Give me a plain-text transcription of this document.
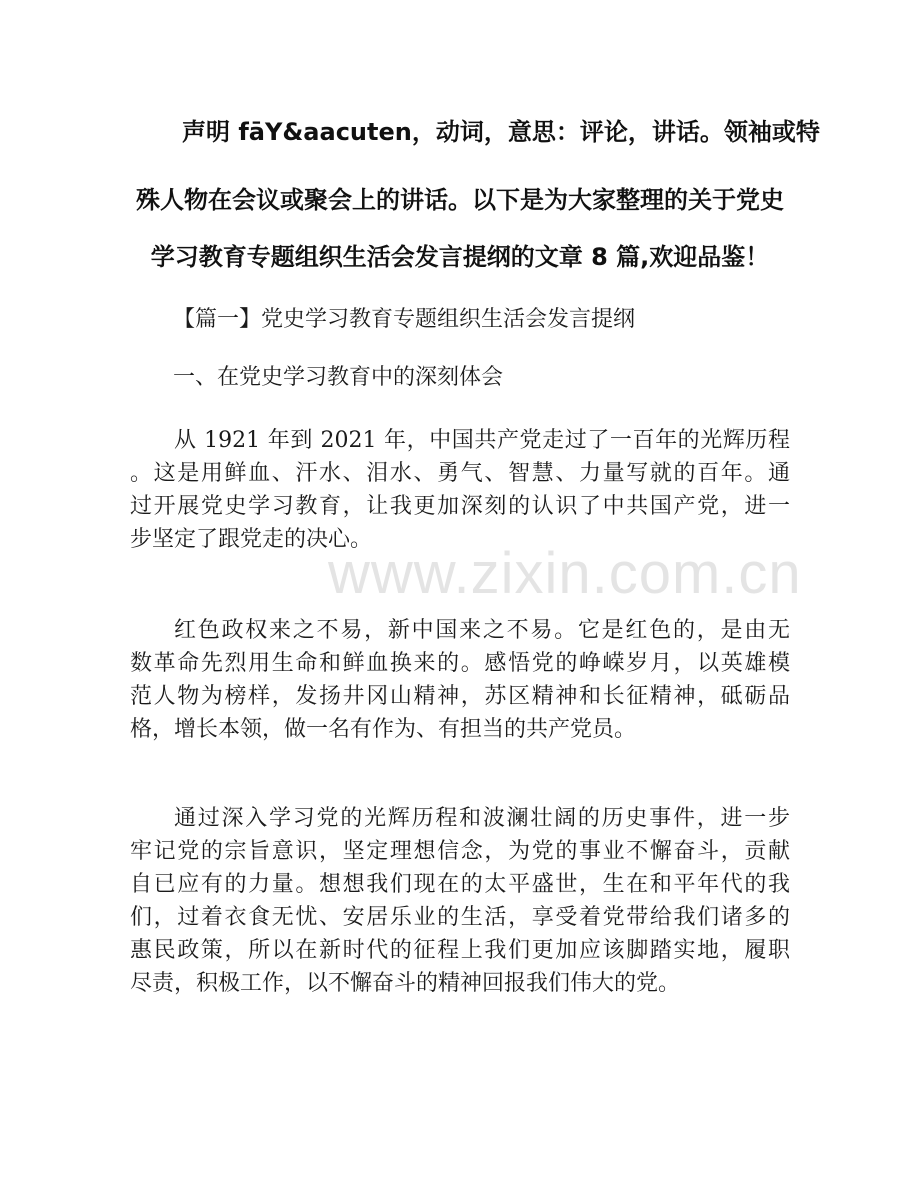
声明 fāY&aacuten，动词，意思：评论，讲话。领袖或特
殊人物在会议或聚会上的讲话。以下是为大家整理的关于党史
学习教育专题组织生活会发言提纲的文章 8 篇,欢迎品鉴！
【篇一】党史学习教育专题组织生活会发言提纲
一、在党史学习教育中的深刻体会
从 1921 年到 2021 年，中国共产党走过了一百年的光辉历程
。这是用鲜血、汗水、泪水、勇气、智慧、力量写就的百年。通
过开展党史学习教育，让我更加深刻的认识了中共国产党，进一
步坚定了跟党走的决心。
红色政权来之不易，新中国来之不易。它是红色的，是由无
数革命先烈用生命和鲜血换来的。感悟党的峥嵘岁月，以英雄模
范人物为榜样，发扬井冈山精神，苏区精神和长征精神，砥砺品
格，增长本领，做一名有作为、有担当的共产党员。
通过深入学习党的光辉历程和波澜壮阔的历史事件，进一步
牢记党的宗旨意识，坚定理想信念，为党的事业不懈奋斗，贡献
自已应有的力量。想想我们现在的太平盛世，生在和平年代的我
们，过着衣食无忧、安居乐业的生活，享受着党带给我们诸多的
惠民政策，所以在新时代的征程上我们更加应该脚踏实地，履职
尽责，积极工作，以不懈奋斗的精神回报我们伟大的党。
www.zixin.com.cn
